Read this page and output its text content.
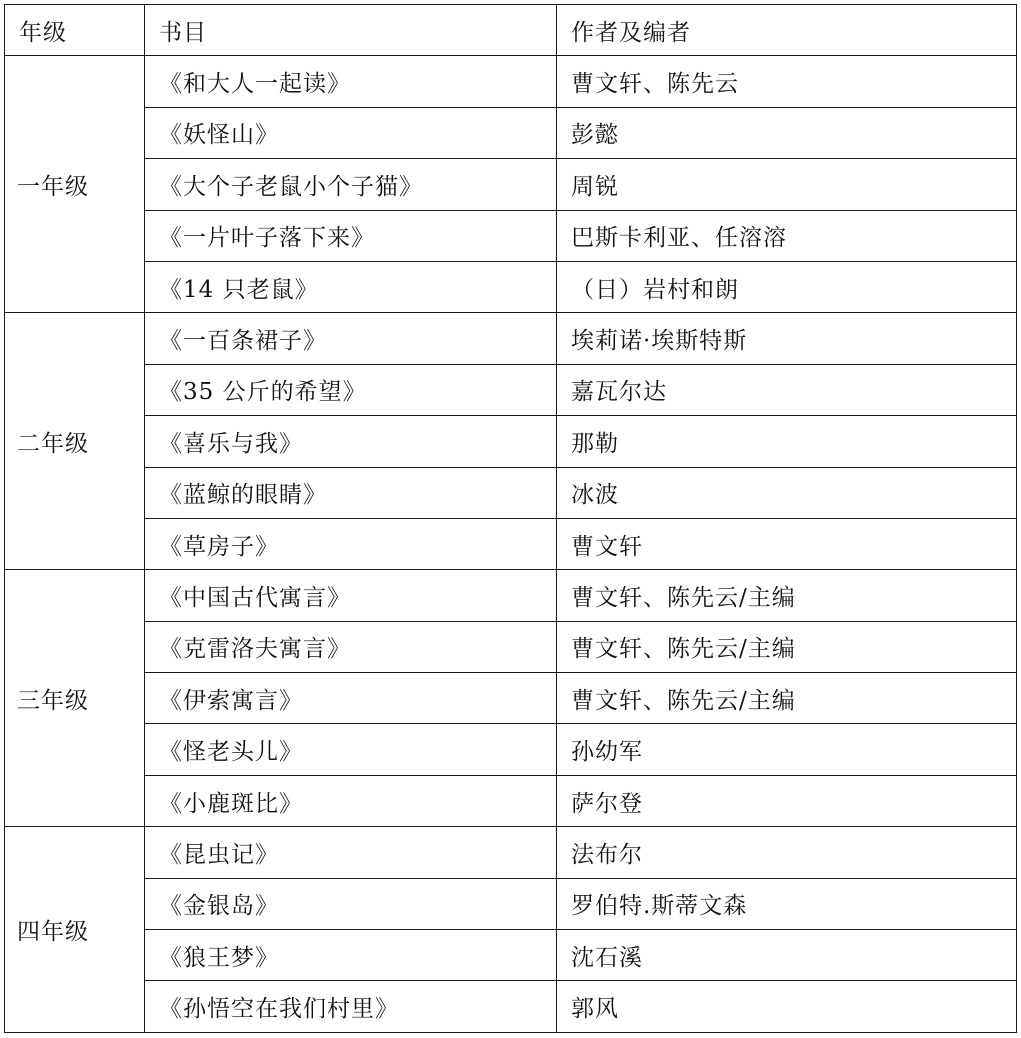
年级	书目	作者及编者
一年级	《和大人一起读》	曹文轩、陈先云
	《妖怪山》	彭懿
	《大个子老鼠小个子猫》	周锐
	《一片叶子落下来》	巴斯卡利亚、任溶溶
	《14 只老鼠》	（日）岩村和朗
二年级	《一百条裙子》	埃莉诺·埃斯特斯
	《35 公斤的希望》	嘉瓦尔达
	《喜乐与我》	那勒
	《蓝鲸的眼睛》	冰波
	《草房子》	曹文轩
三年级	《中国古代寓言》	曹文轩、陈先云/主编
	《克雷洛夫寓言》	曹文轩、陈先云/主编
	《伊索寓言》	曹文轩、陈先云/主编
	《怪老头儿》	孙幼军
	《小鹿斑比》	萨尔登
四年级	《昆虫记》	法布尔
	《金银岛》	罗伯特.斯蒂文森
	《狼王梦》	沈石溪
	《孙悟空在我们村里》	郭风
